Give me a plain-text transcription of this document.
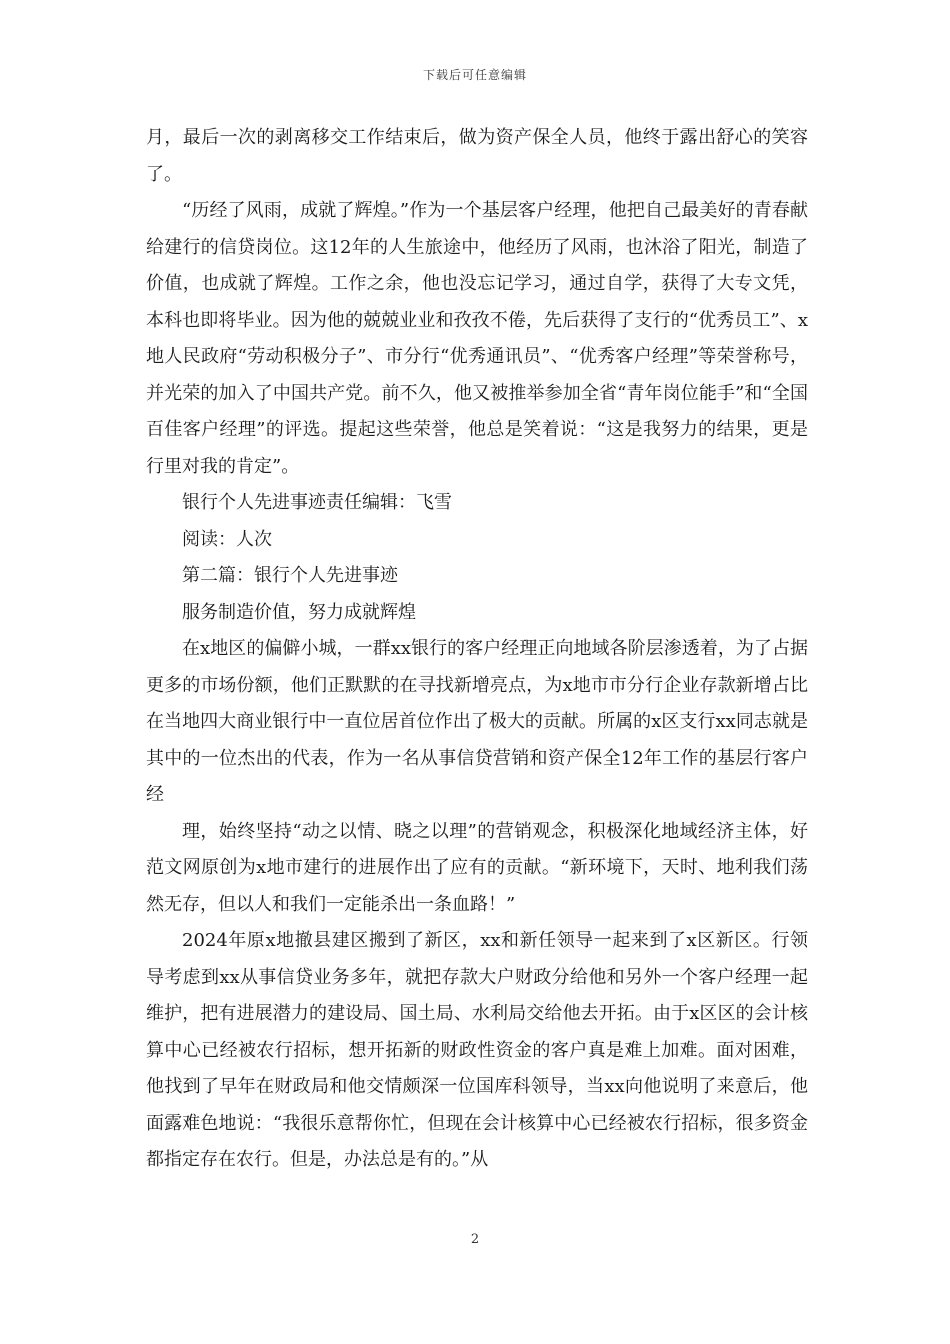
下载后可任意编辑

月，最后一次的剥离移交工作结束后，做为资产保全人员，他终于露出舒心的笑容了。

“历经了风雨，成就了辉煌。”作为一个基层客户经理，他把自己最美好的青春献给建行的信贷岗位。这12年的人生旅途中，他经历了风雨，也沐浴了阳光，制造了价值，也成就了辉煌。工作之余，他也没忘记学习，通过自学，获得了大专文凭，本科也即将毕业。因为他的兢兢业业和孜孜不倦，先后获得了支行的“优秀员工”、x地人民政府“劳动积极分子”、市分行“优秀通讯员”、“优秀客户经理”等荣誉称号，并光荣的加入了中国共产党。前不久，他又被推举参加全省“青年岗位能手”和“全国百佳客户经理”的评选。提起这些荣誉，他总是笑着说：“这是我努力的结果，更是行里对我的肯定”。

银行个人先进事迹责任编辑：飞雪

阅读：人次

第二篇：银行个人先进事迹

服务制造价值，努力成就辉煌

在x地区的偏僻小城，一群xx银行的客户经理正向地域各阶层渗透着，为了占据更多的市场份额，他们正默默的在寻找新增亮点，为x地市市分行企业存款新增占比在当地四大商业银行中一直位居首位作出了极大的贡献。所属的x区支行xx同志就是其中的一位杰出的代表，作为一名从事信贷营销和资产保全12年工作的基层行客户经

理，始终坚持“动之以情、晓之以理”的营销观念，积极深化地域经济主体，好范文网原创为x地市建行的进展作出了应有的贡献。“新环境下，天时、地利我们荡然无存，但以人和我们一定能杀出一条血路！”

2024年原x地撤县建区搬到了新区，xx和新任领导一起来到了x区新区。行领导考虑到xx从事信贷业务多年，就把存款大户财政分给他和另外一个客户经理一起维护，把有进展潜力的建设局、国土局、水利局交给他去开拓。由于x区区的会计核算中心已经被农行招标，想开拓新的财政性资金的客户真是难上加难。面对困难，他找到了早年在财政局和他交情颇深一位国库科领导，当xx向他说明了来意后，他面露难色地说：“我很乐意帮你忙，但现在会计核算中心已经被农行招标，很多资金都指定存在农行。但是，办法总是有的。”从

2
